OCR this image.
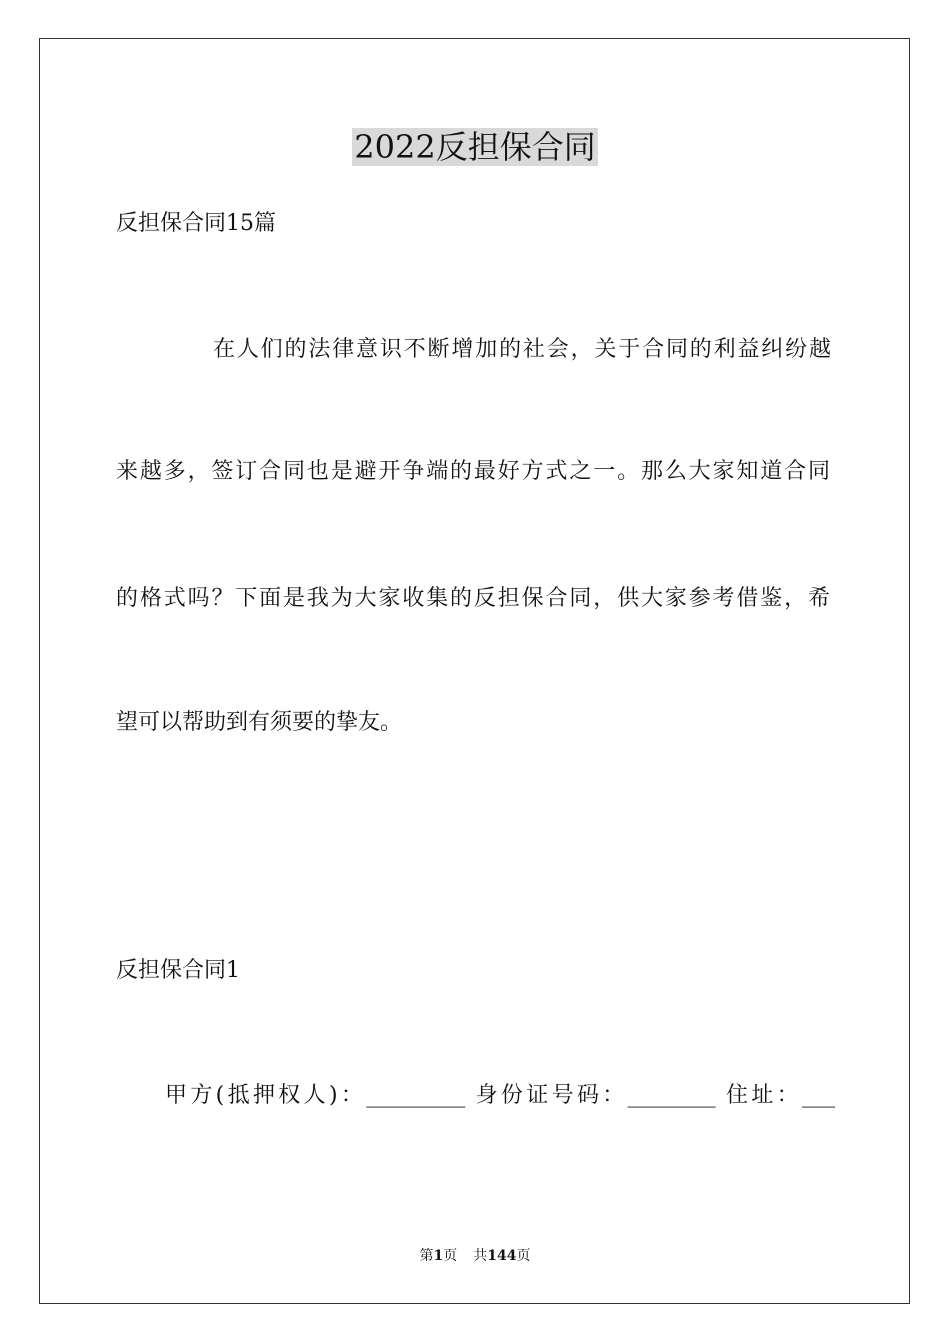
2022反担保合同
反担保合同15篇
在人们的法律意识不断增加的社会，关于合同的利益纠纷越
来越多，签订合同也是避开争端的最好方式之一。那么大家知道合同
的格式吗？下面是我为大家收集的反担保合同，供大家参考借鉴，希
望可以帮助到有须要的挚友。
反担保合同1
甲方(抵押权人)：_________ 身份证号码：________ 住址：___
第1页 共144页
